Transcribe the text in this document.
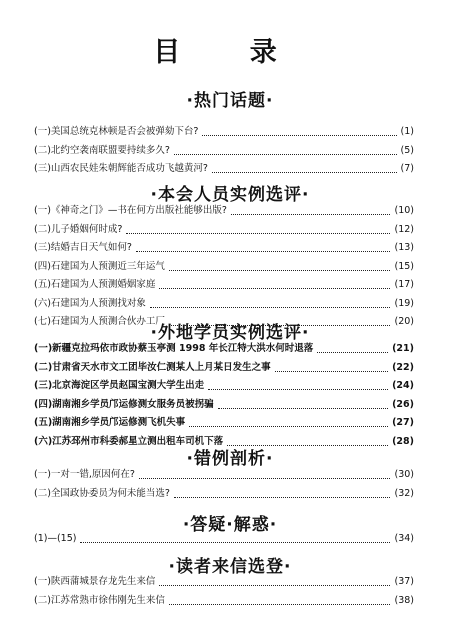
目 录
·热门话题·
(一)美国总统克林顿是否会被弹劾下台?	(1)
(二)北约空袭南联盟要持续多久?	(5)
(三)山西农民娃朱朝辉能否成功飞越黄河?	(7)
·本会人员实例选评·
(一)《神奇之门》—书在何方出版社能够出版?	(10)
(二)儿子婚姻何时成?	(12)
(三)结婚吉日天气如何?	(13)
(四)石建国为人预测近三年运气	(15)
(五)石建国为人预测婚姻家庭	(17)
(六)石建国为人预测找对象	(19)
(七)石建国为人预测合伙办工厂	(20)
·外地学员实例选评·
(一)新疆克拉玛依市政协蔡玉亭测 1998 年长江特大洪水何时退落	(21)
(二)甘肃省天水市文工团毕汝仁测某人上月某日发生之事	(22)
(三)北京海淀区学员赵国宝测大学生出走	(24)
(四)湖南湘乡学员邝运修测女服务员被拐骗	(26)
(五)湖南湘乡学员邝运修测飞机失事	(27)
(六)江苏邳州市科委郝星立测出租车司机下落	(28)
·错例剖析·
(一)一对一错,原因何在?	(30)
(二)全国政协委员为何未能当选?	(32)
·答疑·解惑·
(1)—(15)	(34)
·读者来信选登·
(一)陕西蒲城景存龙先生来信	(37)
(二)江苏常熟市徐伟刚先生来信	(38)
